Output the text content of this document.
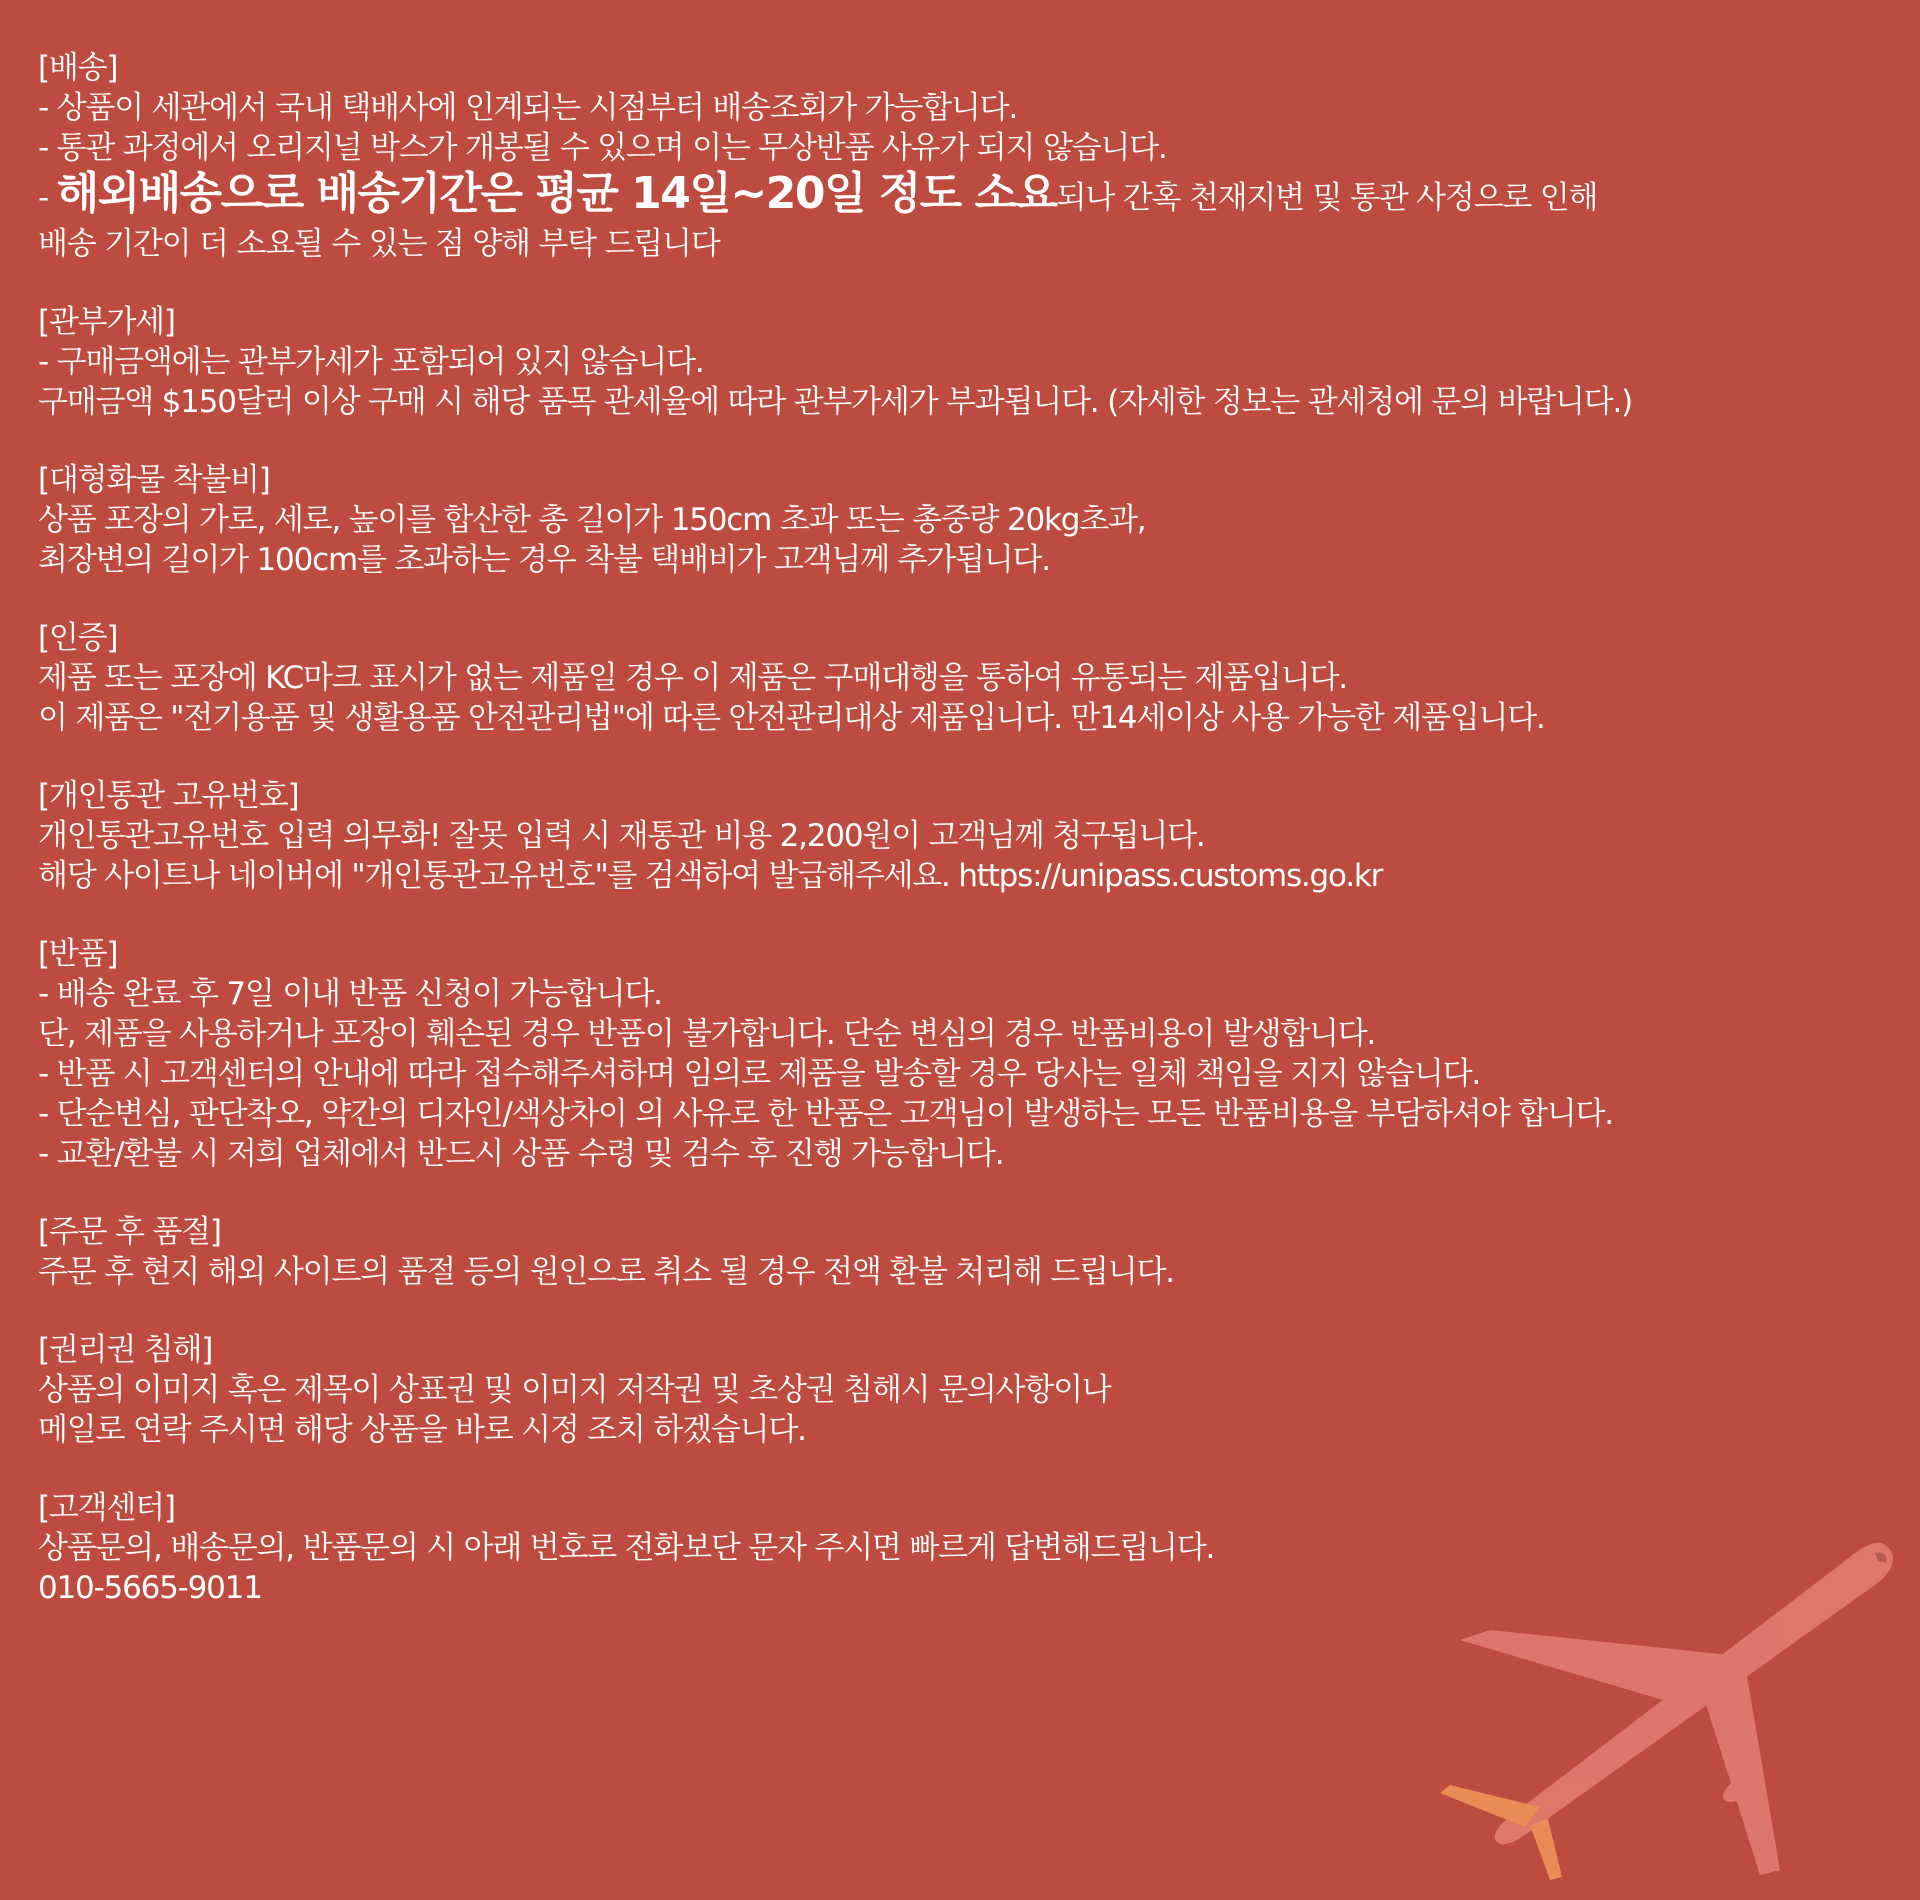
[배송]

- 상품이 세관에서 국내 택배사에 인계되는 시점부터 배송조회가 가능합니다.

- 통관 과정에서 오리지널 박스가 개봉될 수 있으며 이는 무상반품 사유가 되지 않습니다.

- 해외배송으로 배송기간은 평균 14일~20일 정도 소요되나 간혹 천재지변 및 통관 사정으로 인해

배송 기간이 더 소요될 수 있는 점 양해 부탁 드립니다

[관부가세]

- 구매금액에는 관부가세가 포함되어 있지 않습니다.

구매금액 $150달러 이상 구매 시 해당 품목 관세율에 따라 관부가세가 부과됩니다. (자세한 정보는 관세청에 문의 바랍니다.)

[대형화물 착불비]

상품 포장의 가로, 세로, 높이를 합산한 총 길이가 150cm 초과 또는 총중량 20kg초과,

최장변의 길이가 100cm를 초과하는 경우 착불 택배비가 고객님께 추가됩니다.

[인증]

제품 또는 포장에 KC마크 표시가 없는 제품일 경우 이 제품은 구매대행을 통하여 유통되는 제품입니다.

이 제품은 "전기용품 및 생활용품 안전관리법"에 따른 안전관리대상 제품입니다. 만14세이상 사용 가능한 제품입니다.

[개인통관 고유번호]

개인통관고유번호 입력 의무화! 잘못 입력 시 재통관 비용 2,200원이 고객님께 청구됩니다.

해당 사이트나 네이버에 "개인통관고유번호"를 검색하여 발급해주세요. https://unipass.customs.go.kr

[반품]

- 배송 완료 후 7일 이내 반품 신청이 가능합니다.

단, 제품을 사용하거나 포장이 훼손된 경우 반품이 불가합니다. 단순 변심의 경우 반품비용이 발생합니다.

- 반품 시 고객센터의 안내에 따라 접수해주셔하며 임의로 제품을 발송할 경우 당사는 일체 책임을 지지 않습니다.

- 단순변심, 판단착오, 약간의 디자인/색상차이 의 사유로 한 반품은 고객님이 발생하는 모든 반품비용을 부담하셔야 합니다.

- 교환/환불 시 저희 업체에서 반드시 상품 수령 및 검수 후 진행 가능합니다.

[주문 후 품절]

주문 후 현지 해외 사이트의 품절 등의 원인으로 취소 될 경우 전액 환불 처리해 드립니다.

[권리권 침해]

상품의 이미지 혹은 제목이 상표권 및 이미지 저작권 및 초상권 침해시 문의사항이나

메일로 연락 주시면 해당 상품을 바로 시정 조치 하겠습니다.

[고객센터]

상품문의, 배송문의, 반품문의 시 아래 번호로 전화보단 문자 주시면 빠르게 답변해드립니다.

010-5665-9011
